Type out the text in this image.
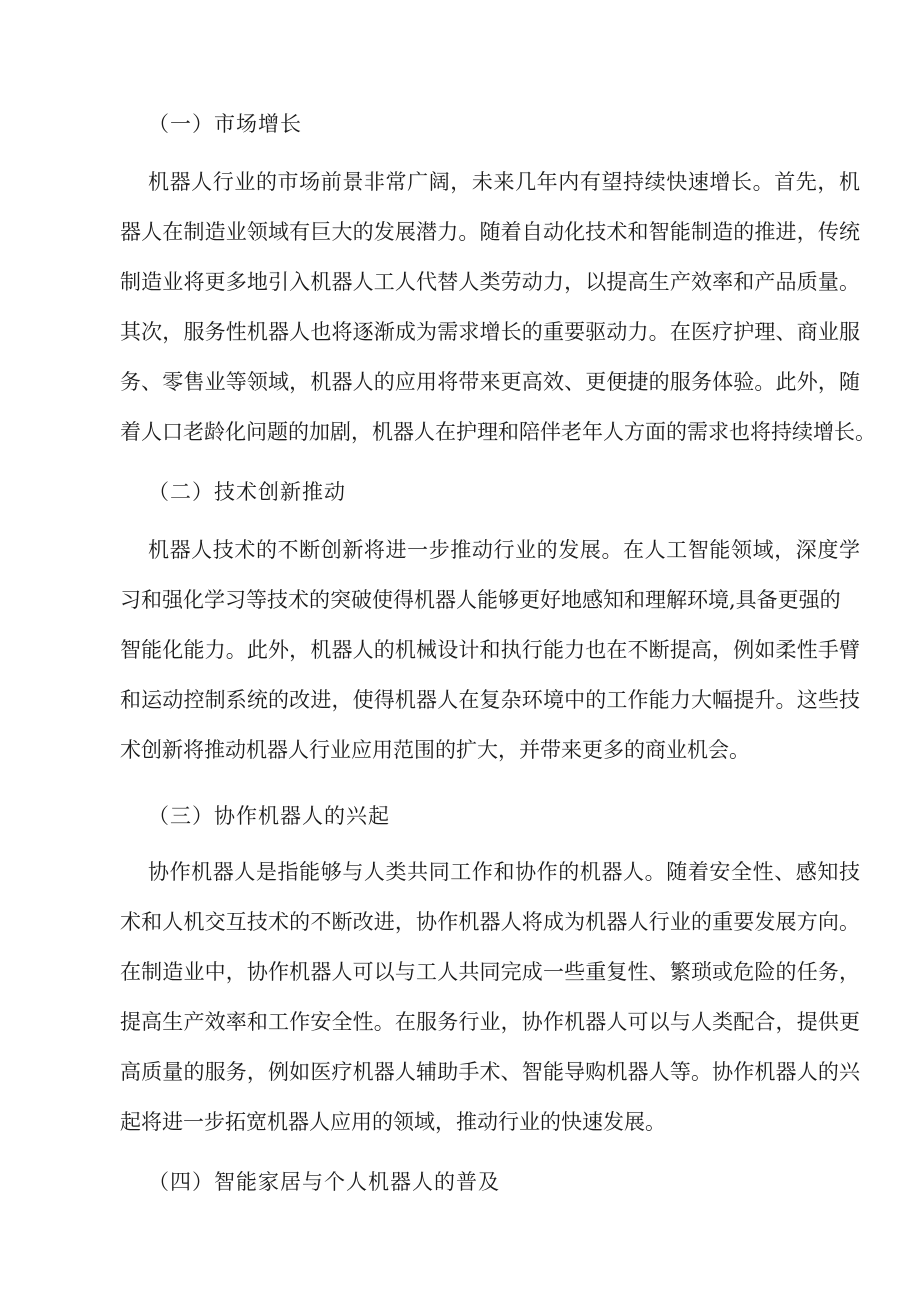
（一）市场增长
机器人行业的市场前景非常广阔，未来几年内有望持续快速增长。首先，机
器人在制造业领域有巨大的发展潜力。随着自动化技术和智能制造的推进，传统
制造业将更多地引入机器人工人代替人类劳动力，以提高生产效率和产品质量。
其次，服务性机器人也将逐渐成为需求增长的重要驱动力。在医疗护理、商业服
务、零售业等领域，机器人的应用将带来更高效、更便捷的服务体验。此外，随
着人口老龄化问题的加剧，机器人在护理和陪伴老年人方面的需求也将持续增长。
（二）技术创新推动
机器人技术的不断创新将进一步推动行业的发展。在人工智能领域，深度学
习和强化学习等技术的突破使得机器人能够更好地感知和理解环境,具备更强的
智能化能力。此外，机器人的机械设计和执行能力也在不断提高，例如柔性手臂
和运动控制系统的改进，使得机器人在复杂环境中的工作能力大幅提升。这些技
术创新将推动机器人行业应用范围的扩大，并带来更多的商业机会。
（三）协作机器人的兴起
协作机器人是指能够与人类共同工作和协作的机器人。随着安全性、感知技
术和人机交互技术的不断改进，协作机器人将成为机器人行业的重要发展方向。
在制造业中，协作机器人可以与工人共同完成一些重复性、繁琐或危险的任务，
提高生产效率和工作安全性。在服务行业，协作机器人可以与人类配合，提供更
高质量的服务，例如医疗机器人辅助手术、智能导购机器人等。协作机器人的兴
起将进一步拓宽机器人应用的领域，推动行业的快速发展。
（四）智能家居与个人机器人的普及
